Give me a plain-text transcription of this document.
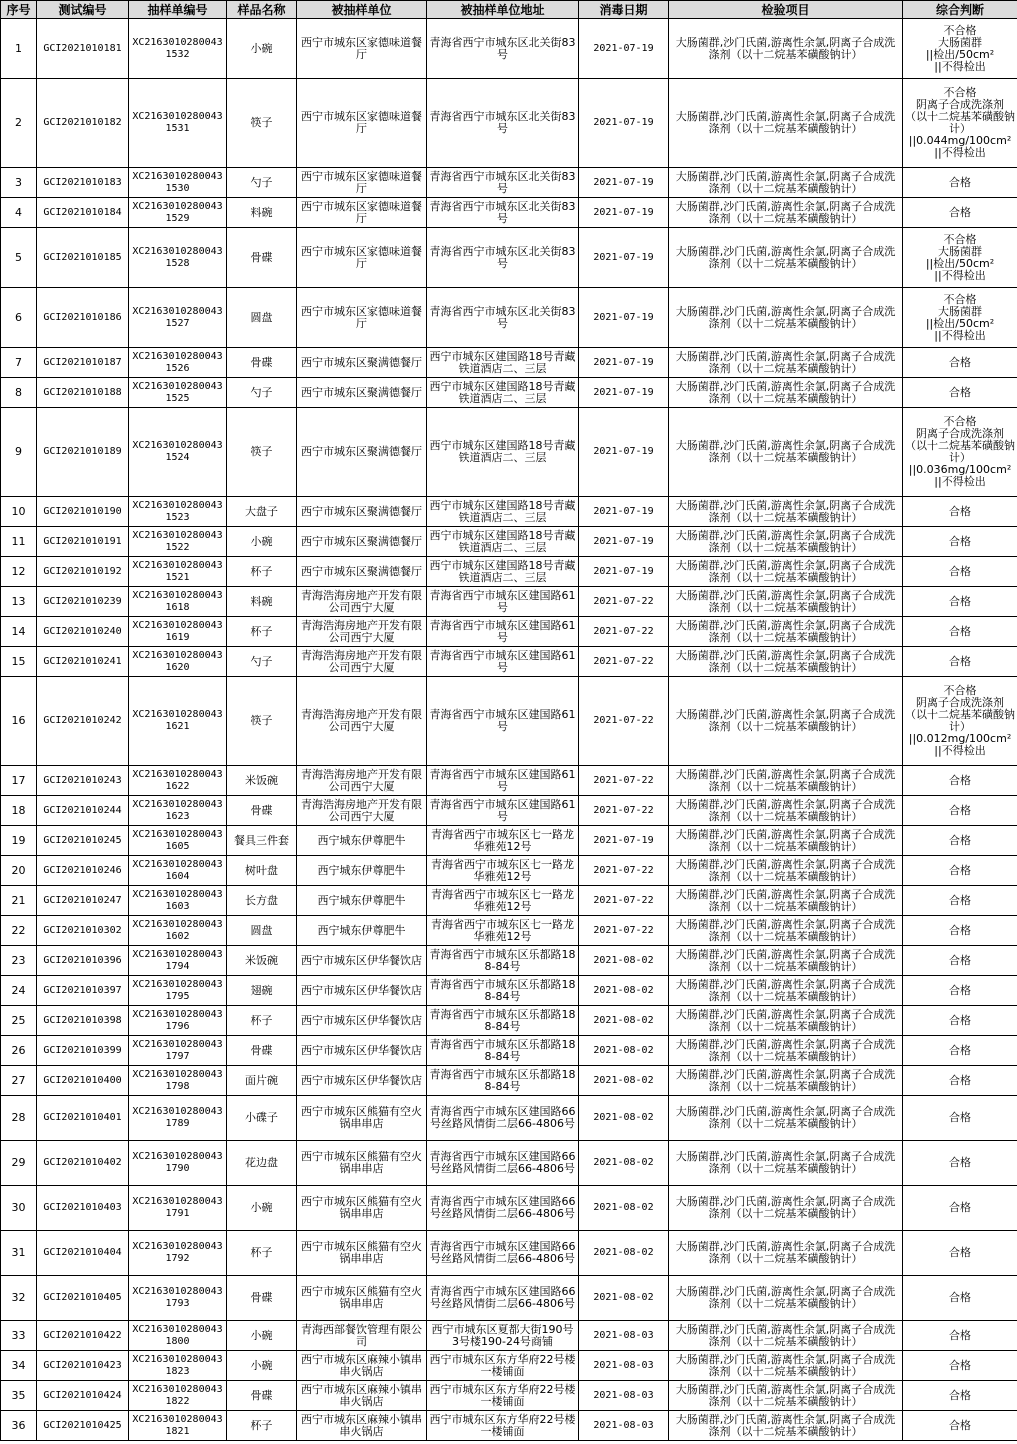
序号	测试编号	抽样单编号	样品名称	被抽样单位	被抽样单位地址	消毒日期	检验项目	综合判断
1	GCI2021010181	XC21630102800431532	小碗	西宁市城东区家德味道餐厅	青海省西宁市城东区北关街83号	2021-07-19	大肠菌群,沙门氏菌,游离性余氯,阴离子合成洗涤剂（以十二烷基苯磺酸钠计）	不合格
大肠菌群
||检出/50cm²
||不得检出
2	GCI2021010182	XC21630102800431531	筷子	西宁市城东区家德味道餐厅	青海省西宁市城东区北关街83号	2021-07-19	大肠菌群,沙门氏菌,游离性余氯,阴离子合成洗涤剂（以十二烷基苯磺酸钠计）	不合格
阴离子合成洗涤剂
（以十二烷基苯磺酸钠计）
||0.044mg/100cm²
||不得检出
3	GCI2021010183	XC21630102800431530	勺子	西宁市城东区家德味道餐厅	青海省西宁市城东区北关街83号	2021-07-19	大肠菌群,沙门氏菌,游离性余氯,阴离子合成洗涤剂（以十二烷基苯磺酸钠计）	合格
4	GCI2021010184	XC21630102800431529	料碗	西宁市城东区家德味道餐厅	青海省西宁市城东区北关街83号	2021-07-19	大肠菌群,沙门氏菌,游离性余氯,阴离子合成洗涤剂（以十二烷基苯磺酸钠计）	合格
5	GCI2021010185	XC21630102800431528	骨碟	西宁市城东区家德味道餐厅	青海省西宁市城东区北关街83号	2021-07-19	大肠菌群,沙门氏菌,游离性余氯,阴离子合成洗涤剂（以十二烷基苯磺酸钠计）	不合格
大肠菌群
||检出/50cm²
||不得检出
6	GCI2021010186	XC21630102800431527	圆盘	西宁市城东区家德味道餐厅	青海省西宁市城东区北关街83号	2021-07-19	大肠菌群,沙门氏菌,游离性余氯,阴离子合成洗涤剂（以十二烷基苯磺酸钠计）	不合格
大肠菌群
||检出/50cm²
||不得检出
7	GCI2021010187	XC21630102800431526	骨碟	西宁市城东区聚满德餐厅	西宁市城东区建国路18号青藏铁道酒店二、三层	2021-07-19	大肠菌群,沙门氏菌,游离性余氯,阴离子合成洗涤剂（以十二烷基苯磺酸钠计）	合格
8	GCI2021010188	XC21630102800431525	勺子	西宁市城东区聚满德餐厅	西宁市城东区建国路18号青藏铁道酒店二、三层	2021-07-19	大肠菌群,沙门氏菌,游离性余氯,阴离子合成洗涤剂（以十二烷基苯磺酸钠计）	合格
9	GCI2021010189	XC21630102800431524	筷子	西宁市城东区聚满德餐厅	西宁市城东区建国路18号青藏铁道酒店二、三层	2021-07-19	大肠菌群,沙门氏菌,游离性余氯,阴离子合成洗涤剂（以十二烷基苯磺酸钠计）	不合格
阴离子合成洗涤剂
（以十二烷基苯磺酸钠计）
||0.036mg/100cm²
||不得检出
10	GCI2021010190	XC21630102800431523	大盘子	西宁市城东区聚满德餐厅	西宁市城东区建国路18号青藏铁道酒店二、三层	2021-07-19	大肠菌群,沙门氏菌,游离性余氯,阴离子合成洗涤剂（以十二烷基苯磺酸钠计）	合格
11	GCI2021010191	XC21630102800431522	小碗	西宁市城东区聚满德餐厅	西宁市城东区建国路18号青藏铁道酒店二、三层	2021-07-19	大肠菌群,沙门氏菌,游离性余氯,阴离子合成洗涤剂（以十二烷基苯磺酸钠计）	合格
12	GCI2021010192	XC21630102800431521	杯子	西宁市城东区聚满德餐厅	西宁市城东区建国路18号青藏铁道酒店二、三层	2021-07-19	大肠菌群,沙门氏菌,游离性余氯,阴离子合成洗涤剂（以十二烷基苯磺酸钠计）	合格
13	GCI2021010239	XC21630102800431618	料碗	青海浩海房地产开发有限公司西宁大厦	青海省西宁市城东区建国路61号	2021-07-22	大肠菌群,沙门氏菌,游离性余氯,阴离子合成洗涤剂（以十二烷基苯磺酸钠计）	合格
14	GCI2021010240	XC21630102800431619	杯子	青海浩海房地产开发有限公司西宁大厦	青海省西宁市城东区建国路61号	2021-07-22	大肠菌群,沙门氏菌,游离性余氯,阴离子合成洗涤剂（以十二烷基苯磺酸钠计）	合格
15	GCI2021010241	XC21630102800431620	勺子	青海浩海房地产开发有限公司西宁大厦	青海省西宁市城东区建国路61号	2021-07-22	大肠菌群,沙门氏菌,游离性余氯,阴离子合成洗涤剂（以十二烷基苯磺酸钠计）	合格
16	GCI2021010242	XC21630102800431621	筷子	青海浩海房地产开发有限公司西宁大厦	青海省西宁市城东区建国路61号	2021-07-22	大肠菌群,沙门氏菌,游离性余氯,阴离子合成洗涤剂（以十二烷基苯磺酸钠计）	不合格
阴离子合成洗涤剂
（以十二烷基苯磺酸钠计）
||0.012mg/100cm²
||不得检出
17	GCI2021010243	XC21630102800431622	米饭碗	青海浩海房地产开发有限公司西宁大厦	青海省西宁市城东区建国路61号	2021-07-22	大肠菌群,沙门氏菌,游离性余氯,阴离子合成洗涤剂（以十二烷基苯磺酸钠计）	合格
18	GCI2021010244	XC21630102800431623	骨碟	青海浩海房地产开发有限公司西宁大厦	青海省西宁市城东区建国路61号	2021-07-22	大肠菌群,沙门氏菌,游离性余氯,阴离子合成洗涤剂（以十二烷基苯磺酸钠计）	合格
19	GCI2021010245	XC21630102800431605	餐具三件套	西宁城东伊尊肥牛	青海省西宁市城东区七一路龙华雅苑12号	2021-07-19	大肠菌群,沙门氏菌,游离性余氯,阴离子合成洗涤剂（以十二烷基苯磺酸钠计）	合格
20	GCI2021010246	XC21630102800431604	树叶盘	西宁城东伊尊肥牛	青海省西宁市城东区七一路龙华雅苑12号	2021-07-22	大肠菌群,沙门氏菌,游离性余氯,阴离子合成洗涤剂（以十二烷基苯磺酸钠计）	合格
21	GCI2021010247	XC21630102800431603	长方盘	西宁城东伊尊肥牛	青海省西宁市城东区七一路龙华雅苑12号	2021-07-22	大肠菌群,沙门氏菌,游离性余氯,阴离子合成洗涤剂（以十二烷基苯磺酸钠计）	合格
22	GCI2021010302	XC21630102800431602	圆盘	西宁城东伊尊肥牛	青海省西宁市城东区七一路龙华雅苑12号	2021-07-22	大肠菌群,沙门氏菌,游离性余氯,阴离子合成洗涤剂（以十二烷基苯磺酸钠计）	合格
23	GCI2021010396	XC21630102800431794	米饭碗	西宁市城东区伊华餐饮店	青海省西宁市城东区乐都路188-84号	2021-08-02	大肠菌群,沙门氏菌,游离性余氯,阴离子合成洗涤剂（以十二烷基苯磺酸钠计）	合格
24	GCI2021010397	XC21630102800431795	翅碗	西宁市城东区伊华餐饮店	青海省西宁市城东区乐都路188-84号	2021-08-02	大肠菌群,沙门氏菌,游离性余氯,阴离子合成洗涤剂（以十二烷基苯磺酸钠计）	合格
25	GCI2021010398	XC21630102800431796	杯子	西宁市城东区伊华餐饮店	青海省西宁市城东区乐都路188-84号	2021-08-02	大肠菌群,沙门氏菌,游离性余氯,阴离子合成洗涤剂（以十二烷基苯磺酸钠计）	合格
26	GCI2021010399	XC21630102800431797	骨碟	西宁市城东区伊华餐饮店	青海省西宁市城东区乐都路188-84号	2021-08-02	大肠菌群,沙门氏菌,游离性余氯,阴离子合成洗涤剂（以十二烷基苯磺酸钠计）	合格
27	GCI2021010400	XC21630102800431798	面片碗	西宁市城东区伊华餐饮店	青海省西宁市城东区乐都路188-84号	2021-08-02	大肠菌群,沙门氏菌,游离性余氯,阴离子合成洗涤剂（以十二烷基苯磺酸钠计）	合格
28	GCI2021010401	XC21630102800431789	小碟子	西宁市城东区熊猫有空火锅串串店	青海省西宁市城东区建国路66号丝路风情街二层66-4806号	2021-08-02	大肠菌群,沙门氏菌,游离性余氯,阴离子合成洗涤剂（以十二烷基苯磺酸钠计）	合格
29	GCI2021010402	XC21630102800431790	花边盘	西宁市城东区熊猫有空火锅串串店	青海省西宁市城东区建国路66号丝路风情街二层66-4806号	2021-08-02	大肠菌群,沙门氏菌,游离性余氯,阴离子合成洗涤剂（以十二烷基苯磺酸钠计）	合格
30	GCI2021010403	XC21630102800431791	小碗	西宁市城东区熊猫有空火锅串串店	青海省西宁市城东区建国路66号丝路风情街二层66-4806号	2021-08-02	大肠菌群,沙门氏菌,游离性余氯,阴离子合成洗涤剂（以十二烷基苯磺酸钠计）	合格
31	GCI2021010404	XC21630102800431792	杯子	西宁市城东区熊猫有空火锅串串店	青海省西宁市城东区建国路66号丝路风情街二层66-4806号	2021-08-02	大肠菌群,沙门氏菌,游离性余氯,阴离子合成洗涤剂（以十二烷基苯磺酸钠计）	合格
32	GCI2021010405	XC21630102800431793	骨碟	西宁市城东区熊猫有空火锅串串店	青海省西宁市城东区建国路66号丝路风情街二层66-4806号	2021-08-02	大肠菌群,沙门氏菌,游离性余氯,阴离子合成洗涤剂（以十二烷基苯磺酸钠计）	合格
33	GCI2021010422	XC21630102800431800	小碗	青海西部餐饮管理有限公司	西宁市城东区夏都大街190号3号楼190-24号商铺	2021-08-03	大肠菌群,沙门氏菌,游离性余氯,阴离子合成洗涤剂（以十二烷基苯磺酸钠计）	合格
34	GCI2021010423	XC21630102800431823	小碗	西宁市城东区麻辣小镇串串火锅店	西宁市城东区东方华府22号楼一楼铺面	2021-08-03	大肠菌群,沙门氏菌,游离性余氯,阴离子合成洗涤剂（以十二烷基苯磺酸钠计）	合格
35	GCI2021010424	XC21630102800431822	骨碟	西宁市城东区麻辣小镇串串火锅店	西宁市城东区东方华府22号楼一楼铺面	2021-08-03	大肠菌群,沙门氏菌,游离性余氯,阴离子合成洗涤剂（以十二烷基苯磺酸钠计）	合格
36	GCI2021010425	XC21630102800431821	杯子	西宁市城东区麻辣小镇串串火锅店	西宁市城东区东方华府22号楼一楼铺面	2021-08-03	大肠菌群,沙门氏菌,游离性余氯,阴离子合成洗涤剂（以十二烷基苯磺酸钠计）	合格
